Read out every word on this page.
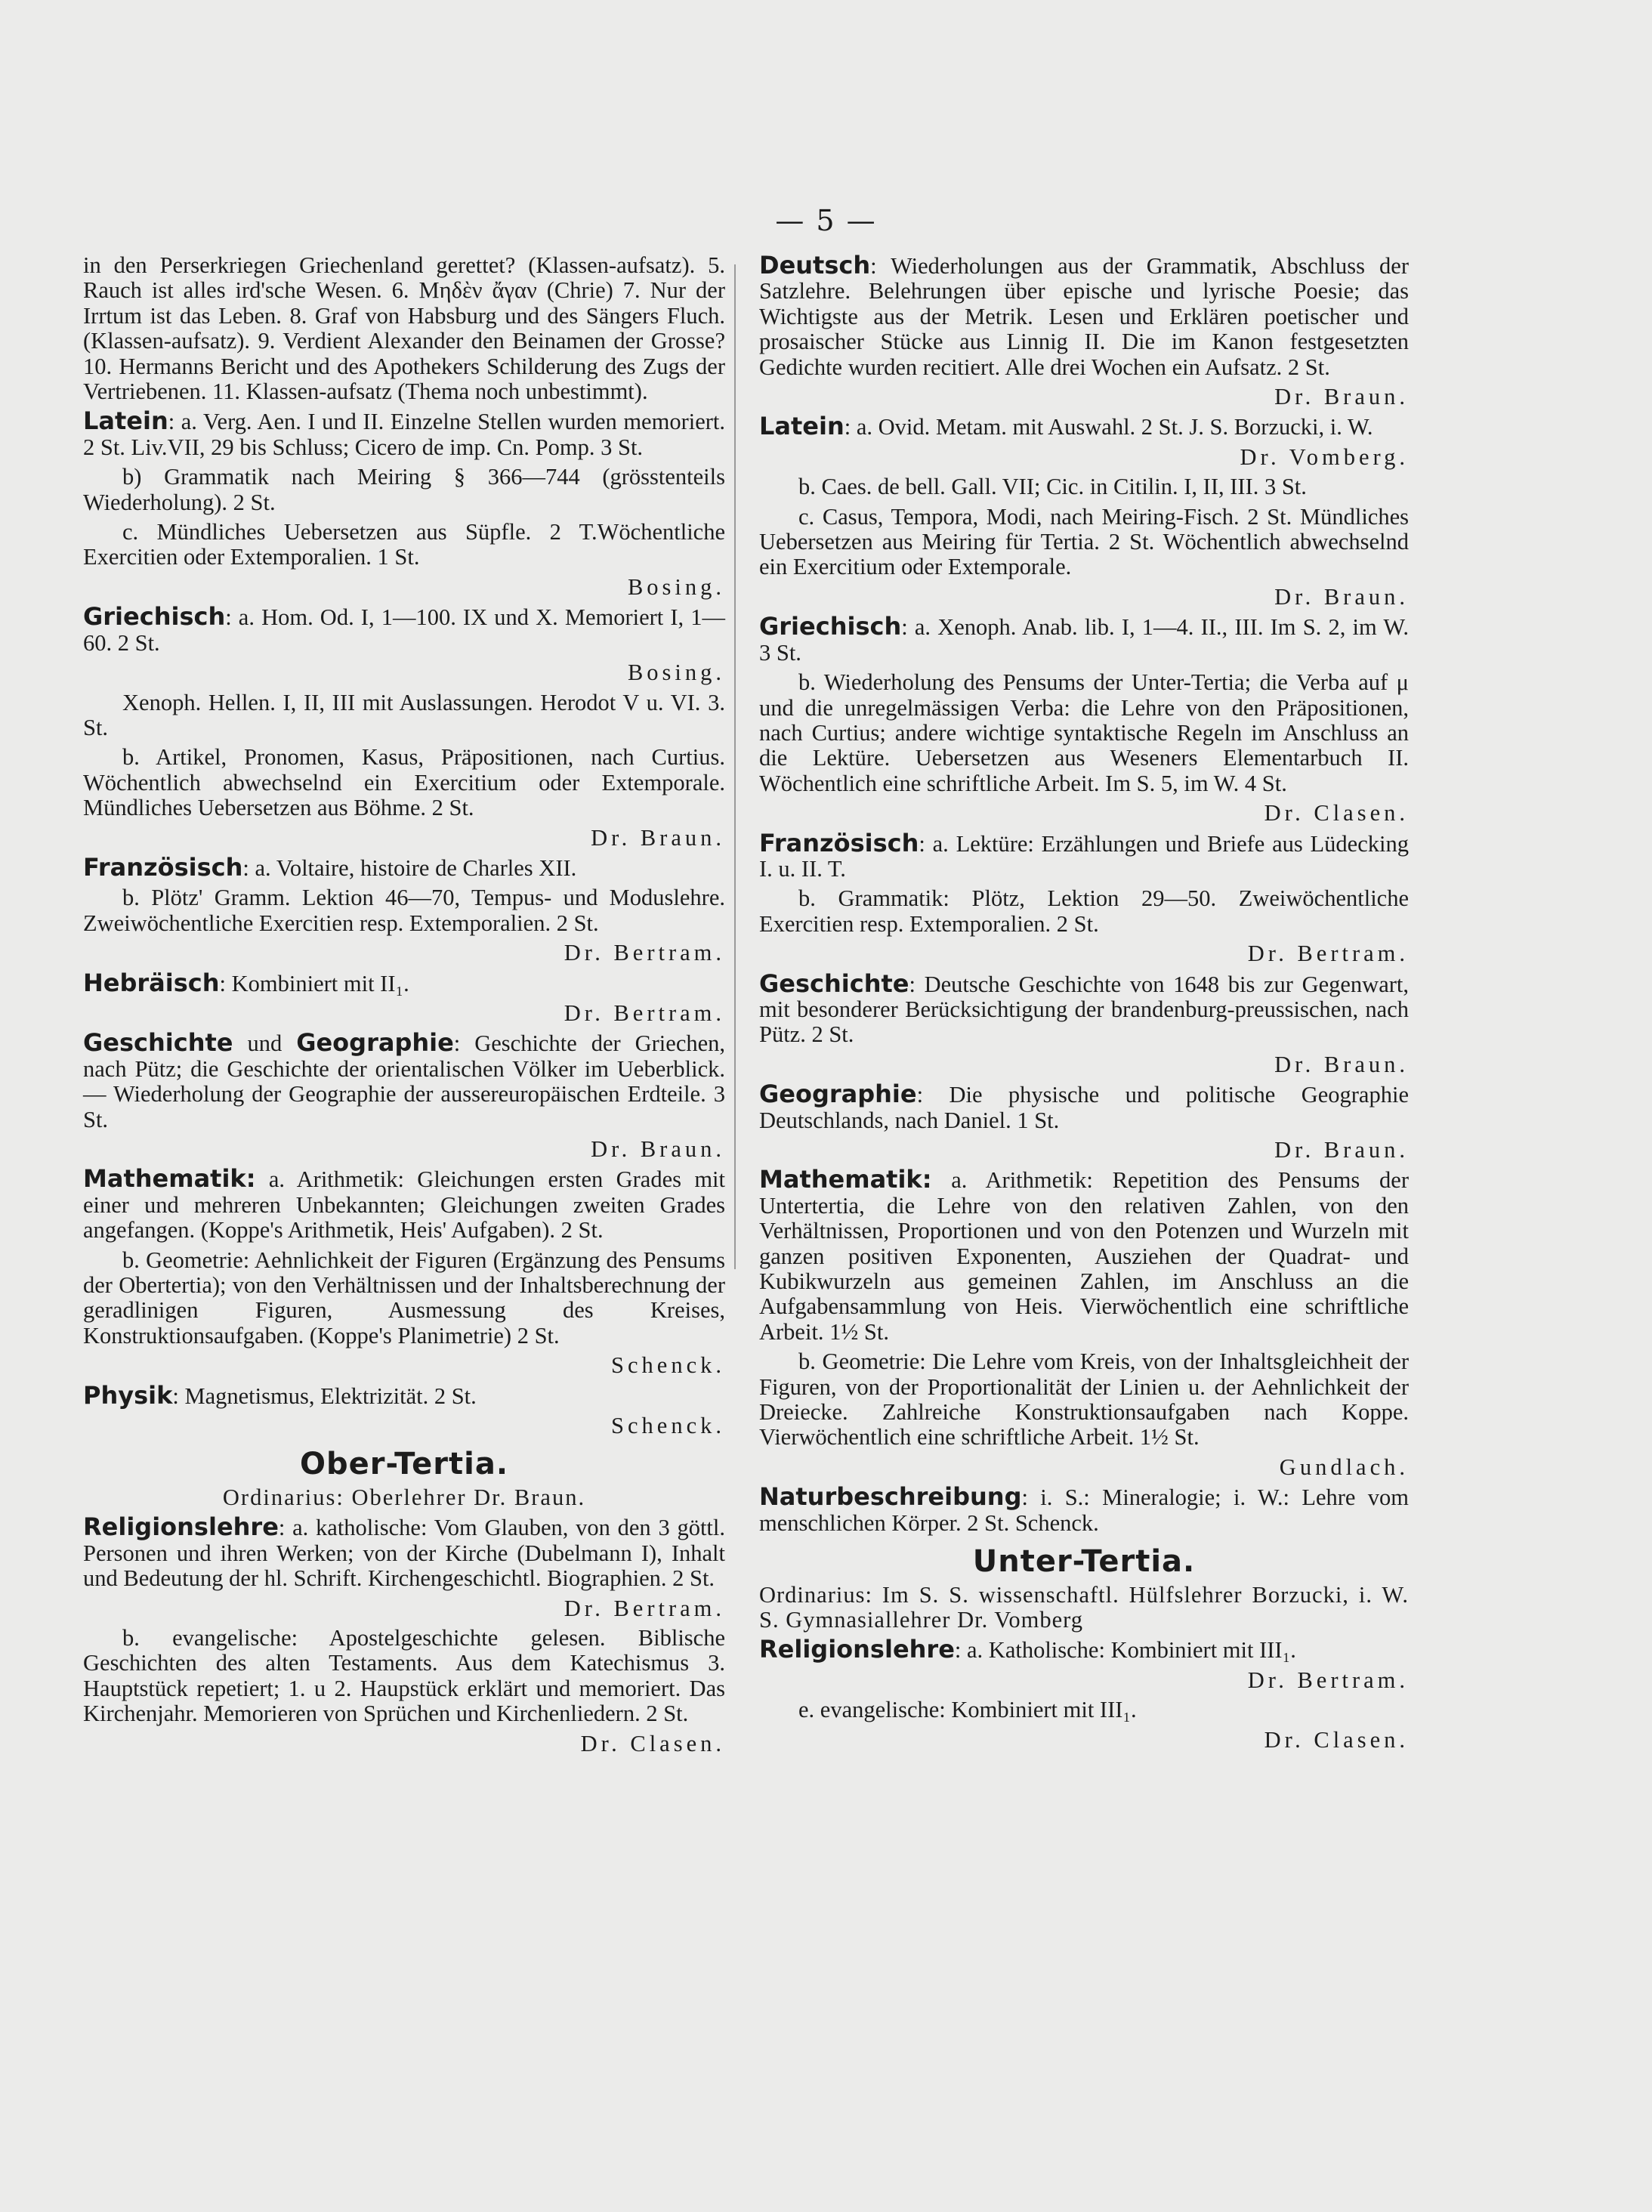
— 5 —

in den Perserkriegen Griechenland gerettet? (Klassen-aufsatz). 5. Rauch ist alles ird'sche Wesen. 6. Μηδὲν ἄγαν (Chrie) 7. Nur der Irrtum ist das Leben. 8. Graf von Habsburg und des Sängers Fluch. (Klassen-aufsatz). 9. Verdient Alexander den Beinamen der Grosse? 10. Hermanns Bericht und des Apothekers Schilderung des Zugs der Vertriebenen. 11. Klassen-aufsatz (Thema noch unbestimmt).

Latein: a. Verg. Aen. I und II. Einzelne Stellen wurden memoriert. 2 St. Liv.VII, 29 bis Schluss; Cicero de imp. Cn. Pomp. 3 St.

b) Grammatik nach Meiring § 366—744 (grösstenteils Wiederholung). 2 St.

c. Mündliches Uebersetzen aus Süpfle. 2 T.Wöchentliche Exercitien oder Extemporalien. 1 St.

Bosing.

Griechisch: a. Hom. Od. I, 1—100. IX und X. Memoriert I, 1—60. 2 St.

Bosing.

Xenoph. Hellen. I, II, III mit Auslassungen. Herodot V u. VI. 3. St.

b. Artikel, Pronomen, Kasus, Präpositionen, nach Curtius. Wöchentlich abwechselnd ein Exercitium oder Extemporale. Mündliches Uebersetzen aus Böhme. 2 St.

Dr. Braun.

Französisch: a. Voltaire, histoire de Charles XII.

b. Plötz' Gramm. Lektion 46—70, Tempus- und Moduslehre. Zweiwöchentliche Exercitien resp. Extemporalien. 2 St.

Dr. Bertram.

Hebräisch: Kombiniert mit II₁.

Dr. Bertram.

Geschichte und Geographie: Geschichte der Griechen, nach Pütz; die Geschichte der orientalischen Völker im Ueberblick. — Wiederholung der Geographie der aussereuropäischen Erdteile. 3 St.

Dr. Braun.

Mathematik: a. Arithmetik: Gleichungen ersten Grades mit einer und mehreren Unbekannten; Gleichungen zweiten Grades angefangen. (Koppe's Arithmetik, Heis' Aufgaben). 2 St.

b. Geometrie: Aehnlichkeit der Figuren (Ergänzung des Pensums der Obertertia); von den Verhältnissen und der Inhaltsberechnung der geradlinigen Figuren, Ausmessung des Kreises, Konstruktionsaufgaben. (Koppe's Planimetrie) 2 St.

Schenck.

Physik: Magnetismus, Elektrizität. 2 St.

Schenck.

Ober-Tertia.

Ordinarius: Oberlehrer Dr. Braun.

Religionslehre: a. katholische: Vom Glauben, von den 3 göttl. Personen und ihren Werken; von der Kirche (Dubelmann I), Inhalt und Bedeutung der hl. Schrift. Kirchengeschichtl. Biographien. 2 St.

Dr. Bertram.

b. evangelische: Apostelgeschichte gelesen. Biblische Geschichten des alten Testaments. Aus dem Katechismus 3. Hauptstück repetiert; 1. u 2. Haupstück erklärt und memoriert. Das Kirchenjahr. Memorieren von Sprüchen und Kirchenliedern. 2 St.

Dr. Clasen.

Deutsch: Wiederholungen aus der Grammatik, Abschluss der Satzlehre. Belehrungen über epische und lyrische Poesie; das Wichtigste aus der Metrik. Lesen und Erklären poetischer und prosaischer Stücke aus Linnig II. Die im Kanon festgesetzten Gedichte wurden recitiert. Alle drei Wochen ein Aufsatz. 2 St.

Dr. Braun.

Latein: a. Ovid. Metam. mit Auswahl. 2 St. J. S. Borzucki, i. W.

Dr. Vomberg.

b. Caes. de bell. Gall. VII; Cic. in Citilin. I, II, III. 3 St.

c. Casus, Tempora, Modi, nach Meiring-Fisch. 2 St. Mündliches Uebersetzen aus Meiring für Tertia. 2 St. Wöchentlich abwechselnd ein Exercitium oder Extemporale.

Dr. Braun.

Griechisch: a. Xenoph. Anab. lib. I, 1—4. II., III. Im S. 2, im W. 3 St.

b. Wiederholung des Pensums der Unter-Tertia; die Verba auf μ und die unregelmässigen Verba: die Lehre von den Präpositionen, nach Curtius; andere wichtige syntaktische Regeln im Anschluss an die Lektüre. Uebersetzen aus Weseners Elementarbuch II. Wöchentlich eine schriftliche Arbeit. Im S. 5, im W. 4 St.

Dr. Clasen.

Französisch: a. Lektüre: Erzählungen und Briefe aus Lüdecking I. u. II. T.

b. Grammatik: Plötz, Lektion 29—50. Zweiwöchentliche Exercitien resp. Extemporalien. 2 St.

Dr. Bertram.

Geschichte: Deutsche Geschichte von 1648 bis zur Gegenwart, mit besonderer Berücksichtigung der brandenburg-preussischen, nach Pütz. 2 St.

Dr. Braun.

Geographie: Die physische und politische Geographie Deutschlands, nach Daniel. 1 St.

Dr. Braun.

Mathematik: a. Arithmetik: Repetition des Pensums der Untertertia, die Lehre von den relativen Zahlen, von den Verhältnissen, Proportionen und von den Potenzen und Wurzeln mit ganzen positiven Exponenten, Ausziehen der Quadrat- und Kubikwurzeln aus gemeinen Zahlen, im Anschluss an die Aufgabensammlung von Heis. Vierwöchentlich eine schriftliche Arbeit. 1½ St.

b. Geometrie: Die Lehre vom Kreis, von der Inhaltsgleichheit der Figuren, von der Proportionalität der Linien u. der Aehnlichkeit der Dreiecke. Zahlreiche Konstruktionsaufgaben nach Koppe. Vierwöchentlich eine schriftliche Arbeit. 1½ St.

Gundlach.

Naturbeschreibung: i. S.: Mineralogie; i. W.: Lehre vom menschlichen Körper. 2 St. Schenck.

Unter-Tertia.

Ordinarius: Im S. S. wissenschaftl. Hülfslehrer Borzucki, i. W. S. Gymnasiallehrer Dr. Vomberg

Religionslehre: a. Katholische: Kombiniert mit III₁.

Dr. Bertram.

e. evangelische: Kombiniert mit III₁.

Dr. Clasen.
